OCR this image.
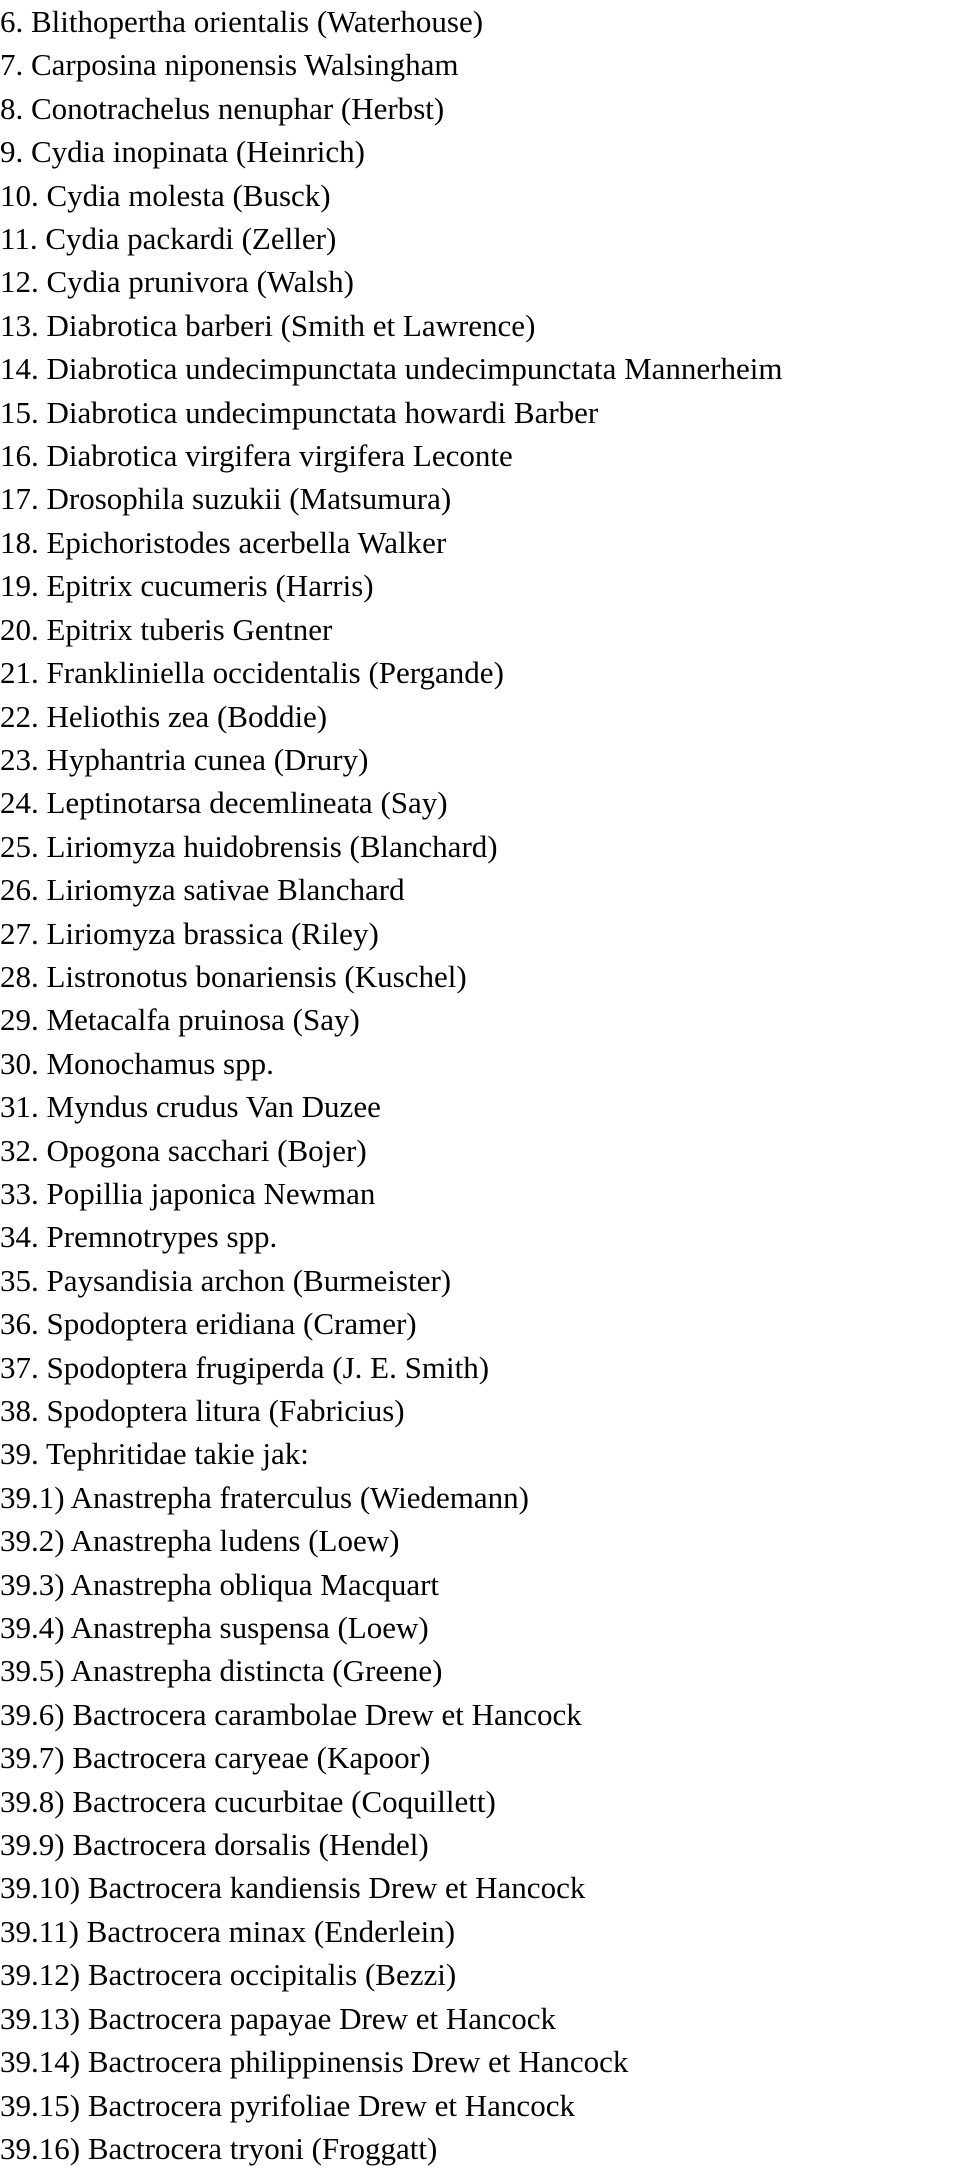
6. Blithopertha orientalis (Waterhouse)
7. Carposina niponensis Walsingham
8. Conotrachelus nenuphar (Herbst)
9. Cydia inopinata (Heinrich)
10. Cydia molesta (Busck)
11. Cydia packardi (Zeller)
12. Cydia prunivora (Walsh)
13. Diabrotica barberi (Smith et Lawrence)
14. Diabrotica undecimpunctata undecimpunctata Mannerheim
15. Diabrotica undecimpunctata howardi Barber
16. Diabrotica virgifera virgifera Leconte
17. Drosophila suzukii (Matsumura)
18. Epichoristodes acerbella Walker
19. Epitrix cucumeris (Harris)
20. Epitrix tuberis Gentner
21. Frankliniella occidentalis (Pergande)
22. Heliothis zea (Boddie)
23. Hyphantria cunea (Drury)
24. Leptinotarsa decemlineata (Say)
25. Liriomyza huidobrensis (Blanchard)
26. Liriomyza sativae Blanchard
27. Liriomyza brassica (Riley)
28. Listronotus bonariensis (Kuschel)
29. Metacalfa pruinosa (Say)
30. Monochamus spp.
31. Myndus crudus Van Duzee
32. Opogona sacchari (Bojer)
33. Popillia japonica Newman
34. Premnotrypes spp.
35. Paysandisia archon (Burmeister)
36. Spodoptera eridiana (Cramer)
37. Spodoptera frugiperda (J. E. Smith)
38. Spodoptera litura (Fabricius)
39. Tephritidae takie jak:
39.1) Anastrepha fraterculus (Wiedemann)
39.2) Anastrepha ludens (Loew)
39.3) Anastrepha obliqua Macquart
39.4) Anastrepha suspensa (Loew)
39.5) Anastrepha distincta (Greene)
39.6) Bactrocera carambolae Drew et Hancock
39.7) Bactrocera caryeae (Kapoor)
39.8) Bactrocera cucurbitae (Coquillett)
39.9) Bactrocera dorsalis (Hendel)
39.10) Bactrocera kandiensis Drew et Hancock
39.11) Bactrocera minax (Enderlein)
39.12) Bactrocera occipitalis (Bezzi)
39.13) Bactrocera papayae Drew et Hancock
39.14) Bactrocera philippinensis Drew et Hancock
39.15) Bactrocera pyrifoliae Drew et Hancock
39.16) Bactrocera tryoni (Froggatt)
